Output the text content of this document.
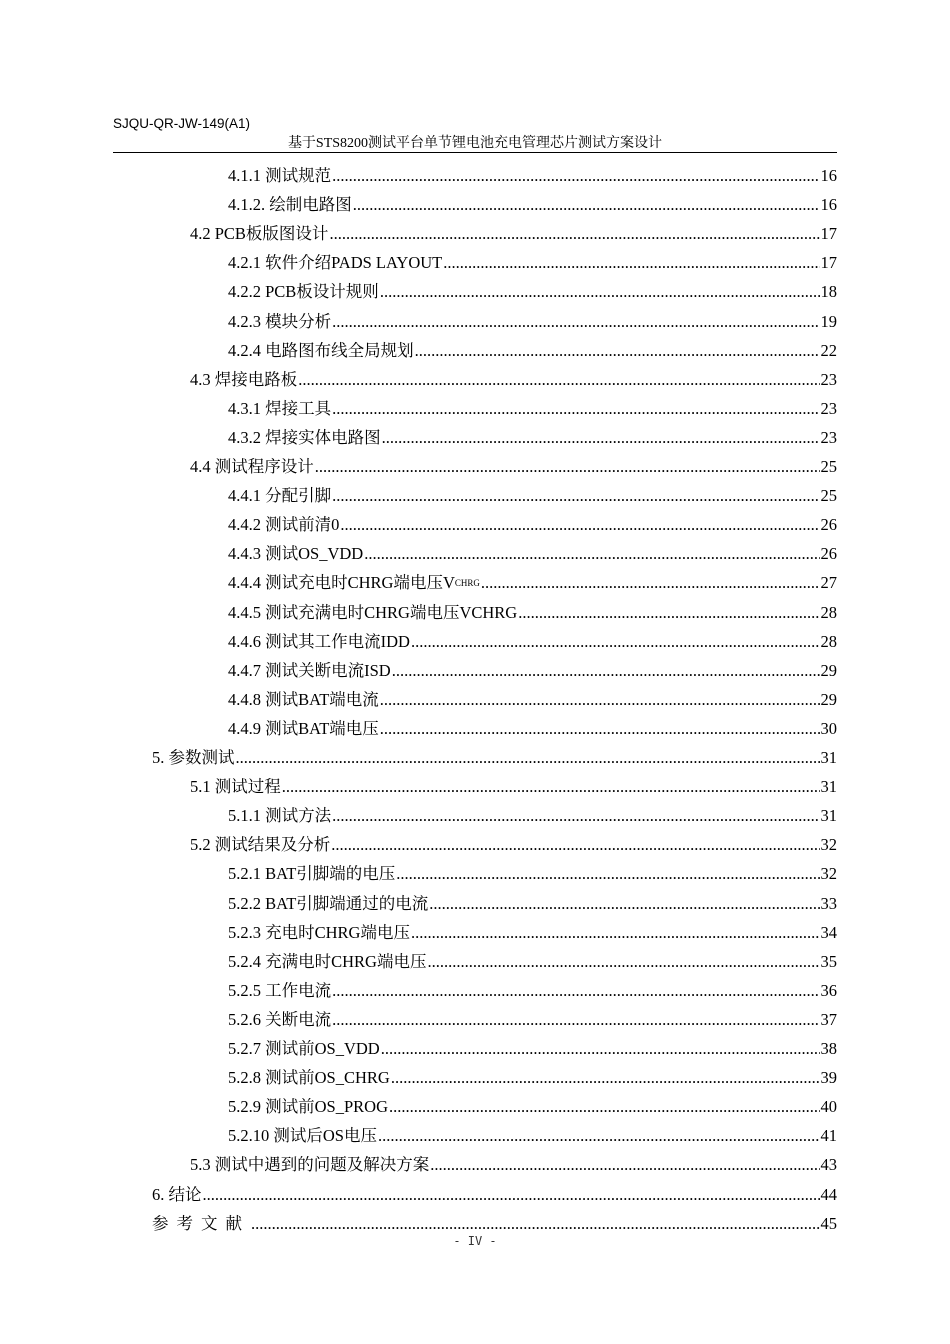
SJQU-QR-JW-149(A1)
基于STS8200测试平台单节锂电池充电管理芯片测试方案设计
4.1.1 测试规范 .....	16
4.1.2. 绘制电路图 .....	16
4.2 PCB板版图设计 .....	17
4.2.1 软件介绍PADS LAYOUT .....	17
4.2.2 PCB板设计规则 .....	18
4.2.3 模块分析 .....	19
4.2.4 电路图布线全局规划 .....	22
4.3 焊接电路板 .....	23
4.3.1 焊接工具 .....	23
4.3.2 焊接实体电路图 .....	23
4.4 测试程序设计 .....	25
4.4.1 分配引脚 .....	25
4.4.2 测试前清0 .....	26
4.4.3 测试OS_VDD .....	26
4.4.4 测试充电时CHRG端电压V CHRG .....	27
4.4.5 测试充满电时CHRG端电压VCHRG .....	28
4.4.6 测试其工作电流IDD .....	28
4.4.7 测试关断电流ISD .....	29
4.4.8 测试BAT端电流 .....	29
4.4.9 测试BAT端电压 .....	30
5. 参数测试 .....	31
5.1 测试过程 .....	31
5.1.1 测试方法 .....	31
5.2 测试结果及分析 .....	32
5.2.1 BAT引脚端的电压 .....	32
5.2.2 BAT引脚端通过的电流 .....	33
5.2.3 充电时CHRG端电压 .....	34
5.2.4 充满电时CHRG端电压 .....	35
5.2.5 工作电流 .....	36
5.2.6 关断电流 .....	37
5.2.7 测试前OS_VDD .....	38
5.2.8 测试前OS_CHRG .....	39
5.2.9 测试前OS_PROG .....	40
5.2.10 测试后OS电压 .....	41
5.3 测试中遇到的问题及解决方案 .....	43
6. 结论 .....	44
参考文献 .....	45
- IV -
